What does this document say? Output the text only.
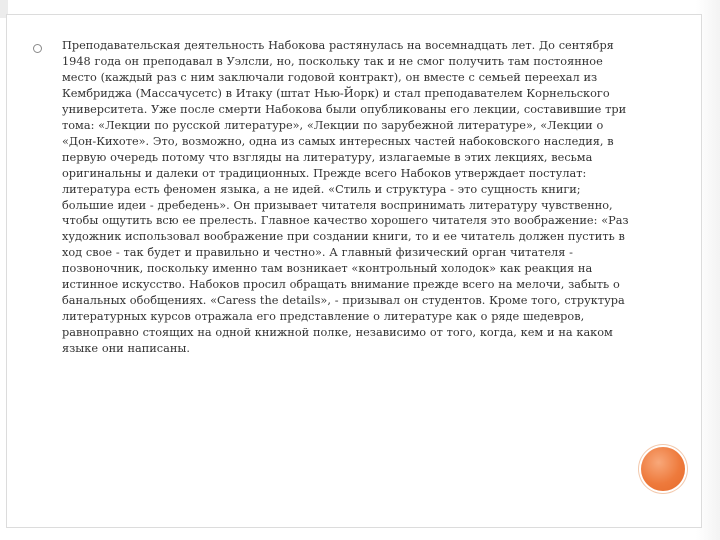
Преподавательская деятельность Набокова растянулась на восемнадцать лет. До сентября 1948 года он преподавал в Уэлсли, но, поскольку так и не смог получить там постоянное место (каждый раз с ним заключали годовой контракт), он вместе с семьей переехал из Кембриджа (Массачусетс) в Итаку (штат Нью-Йорк) и стал преподавателем Корнельского университета. Уже после смерти Набокова были опубликованы его лекции, составившие три тома: «Лекции по русской литературе», «Лекции по зарубежной литературе», «Лекции о «Дон-Кихоте». Это, возможно, одна из самых интересных частей набоковского наследия, в первую очередь потому что взгляды на литературу, излагаемые в этих лекциях, весьма оригинальны и далеки от традиционных. Прежде всего Набоков утверждает постулат: литература есть феномен языка, а не идей. «Стиль и структура - это сущность книги; большие идеи - дребедень». Он призывает читателя воспринимать литературу чувственно, чтобы ощутить всю ее прелесть. Главное качество хорошего читателя это воображение: «Раз художник использовал воображение при создании книги, то и ее читатель должен пустить в ход свое - так будет и правильно и честно». А главный физический орган читателя - позвоночник, поскольку именно там возникает «контрольный холодок» как реакция на истинное искусство. Набоков просил обращать внимание прежде всего на мелочи, забыть о банальных обобщениях. «Caress the details», - призывал он студентов. Кроме того, структура литературных курсов отражала его представление о литературе как о ряде шедевров, равноправно стоящих на одной книжной полке, независимо от того, когда, кем и на каком языке они написаны.
